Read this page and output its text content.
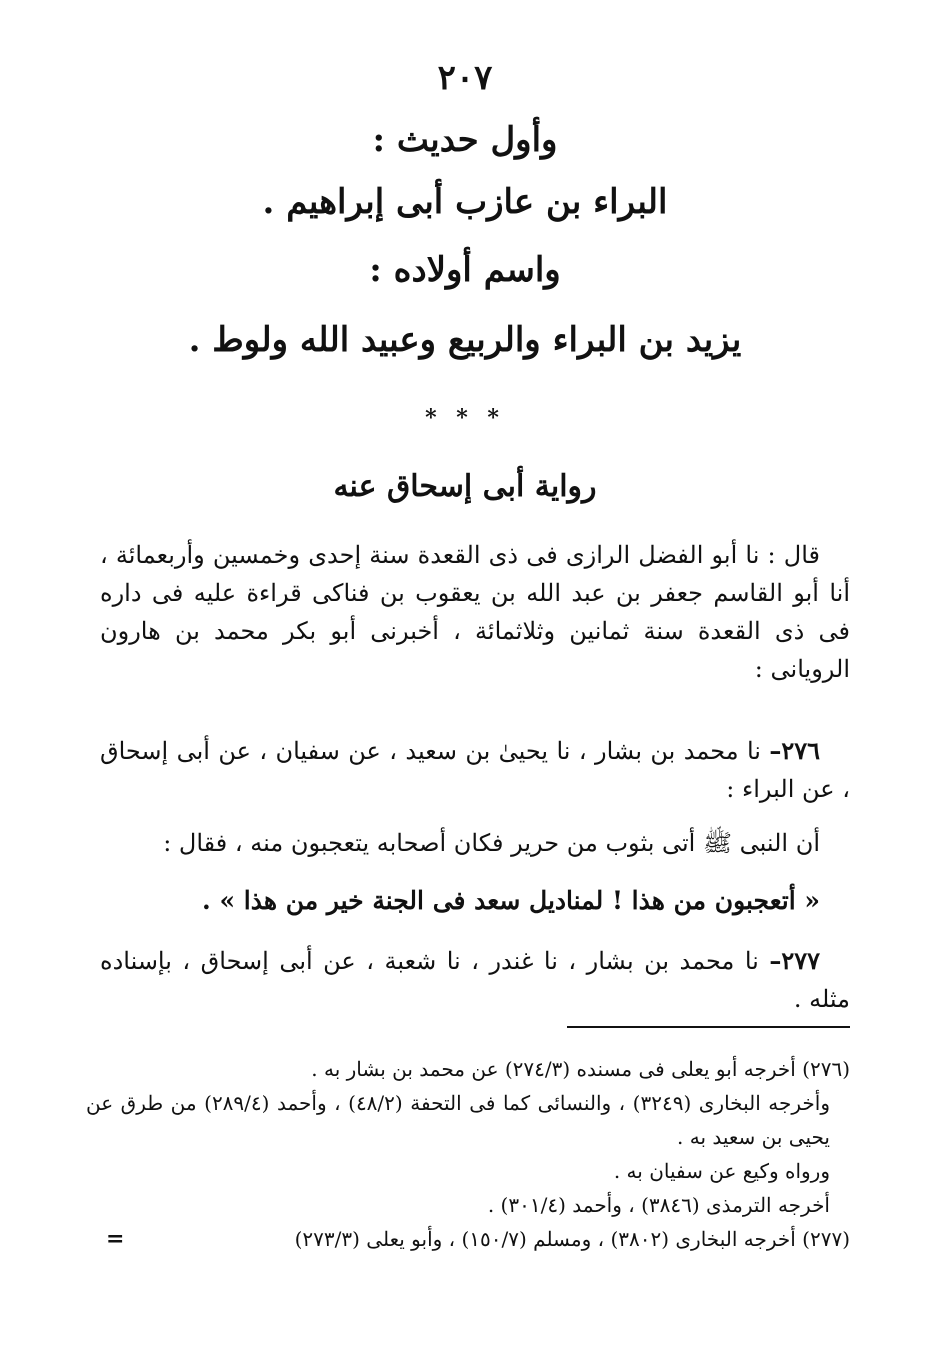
٢٠٧
وأول حديث :
البراء بن عازب أبى إبراهيم .
واسم أولاده :
يزيد بن البراء والربيع وعبيد الله ولوط .
* * *
رواية أبى إسحاق عنه
قال : نا أبو الفضل الرازى فى ذى القعدة سنة إحدى وخمسين وأربعمائة ، أنا أبو القاسم جعفر بن عبد الله بن يعقوب بن فناكى قراءة عليه فى داره فى ذى القعدة سنة ثمانين وثلاثمائة ، أخبرنى أبو بكر محمد بن هارون الرويانى :
٢٧٦– نا محمد بن بشار ، نا يحيىٰ بن سعيد ، عن سفيان ، عن أبى إسحاق ، عن البراء :
أن النبى ﷺ أتى بثوب من حرير فكان أصحابه يتعجبون منه ، فقال :
« أتعجبون من هذا ! لمناديل سعد فى الجنة خير من هذا » .
٢٧٧– نا محمد بن بشار ، نا غندر ، نا شعبة ، عن أبى إسحاق ، بإسناده مثله .
(٢٧٦) أخرجه أبو يعلى فى مسنده (٢٧٤/٣) عن محمد بن بشار به .
وأخرجه البخارى (٣٢٤٩) ، والنسائى كما فى التحفة (٤٨/٢) ، وأحمد (٢٨٩/٤) من طرق عن يحيى بن سعيد به .
ورواه وكيع عن سفيان به .
أخرجه الترمذى (٣٨٤٦) ، وأحمد (٣٠١/٤) .
(٢٧٧) أخرجه البخارى (٣٨٠٢) ، ومسلم (١٥٠/٧) ، وأبو يعلى (٢٧٣/٣)
=
